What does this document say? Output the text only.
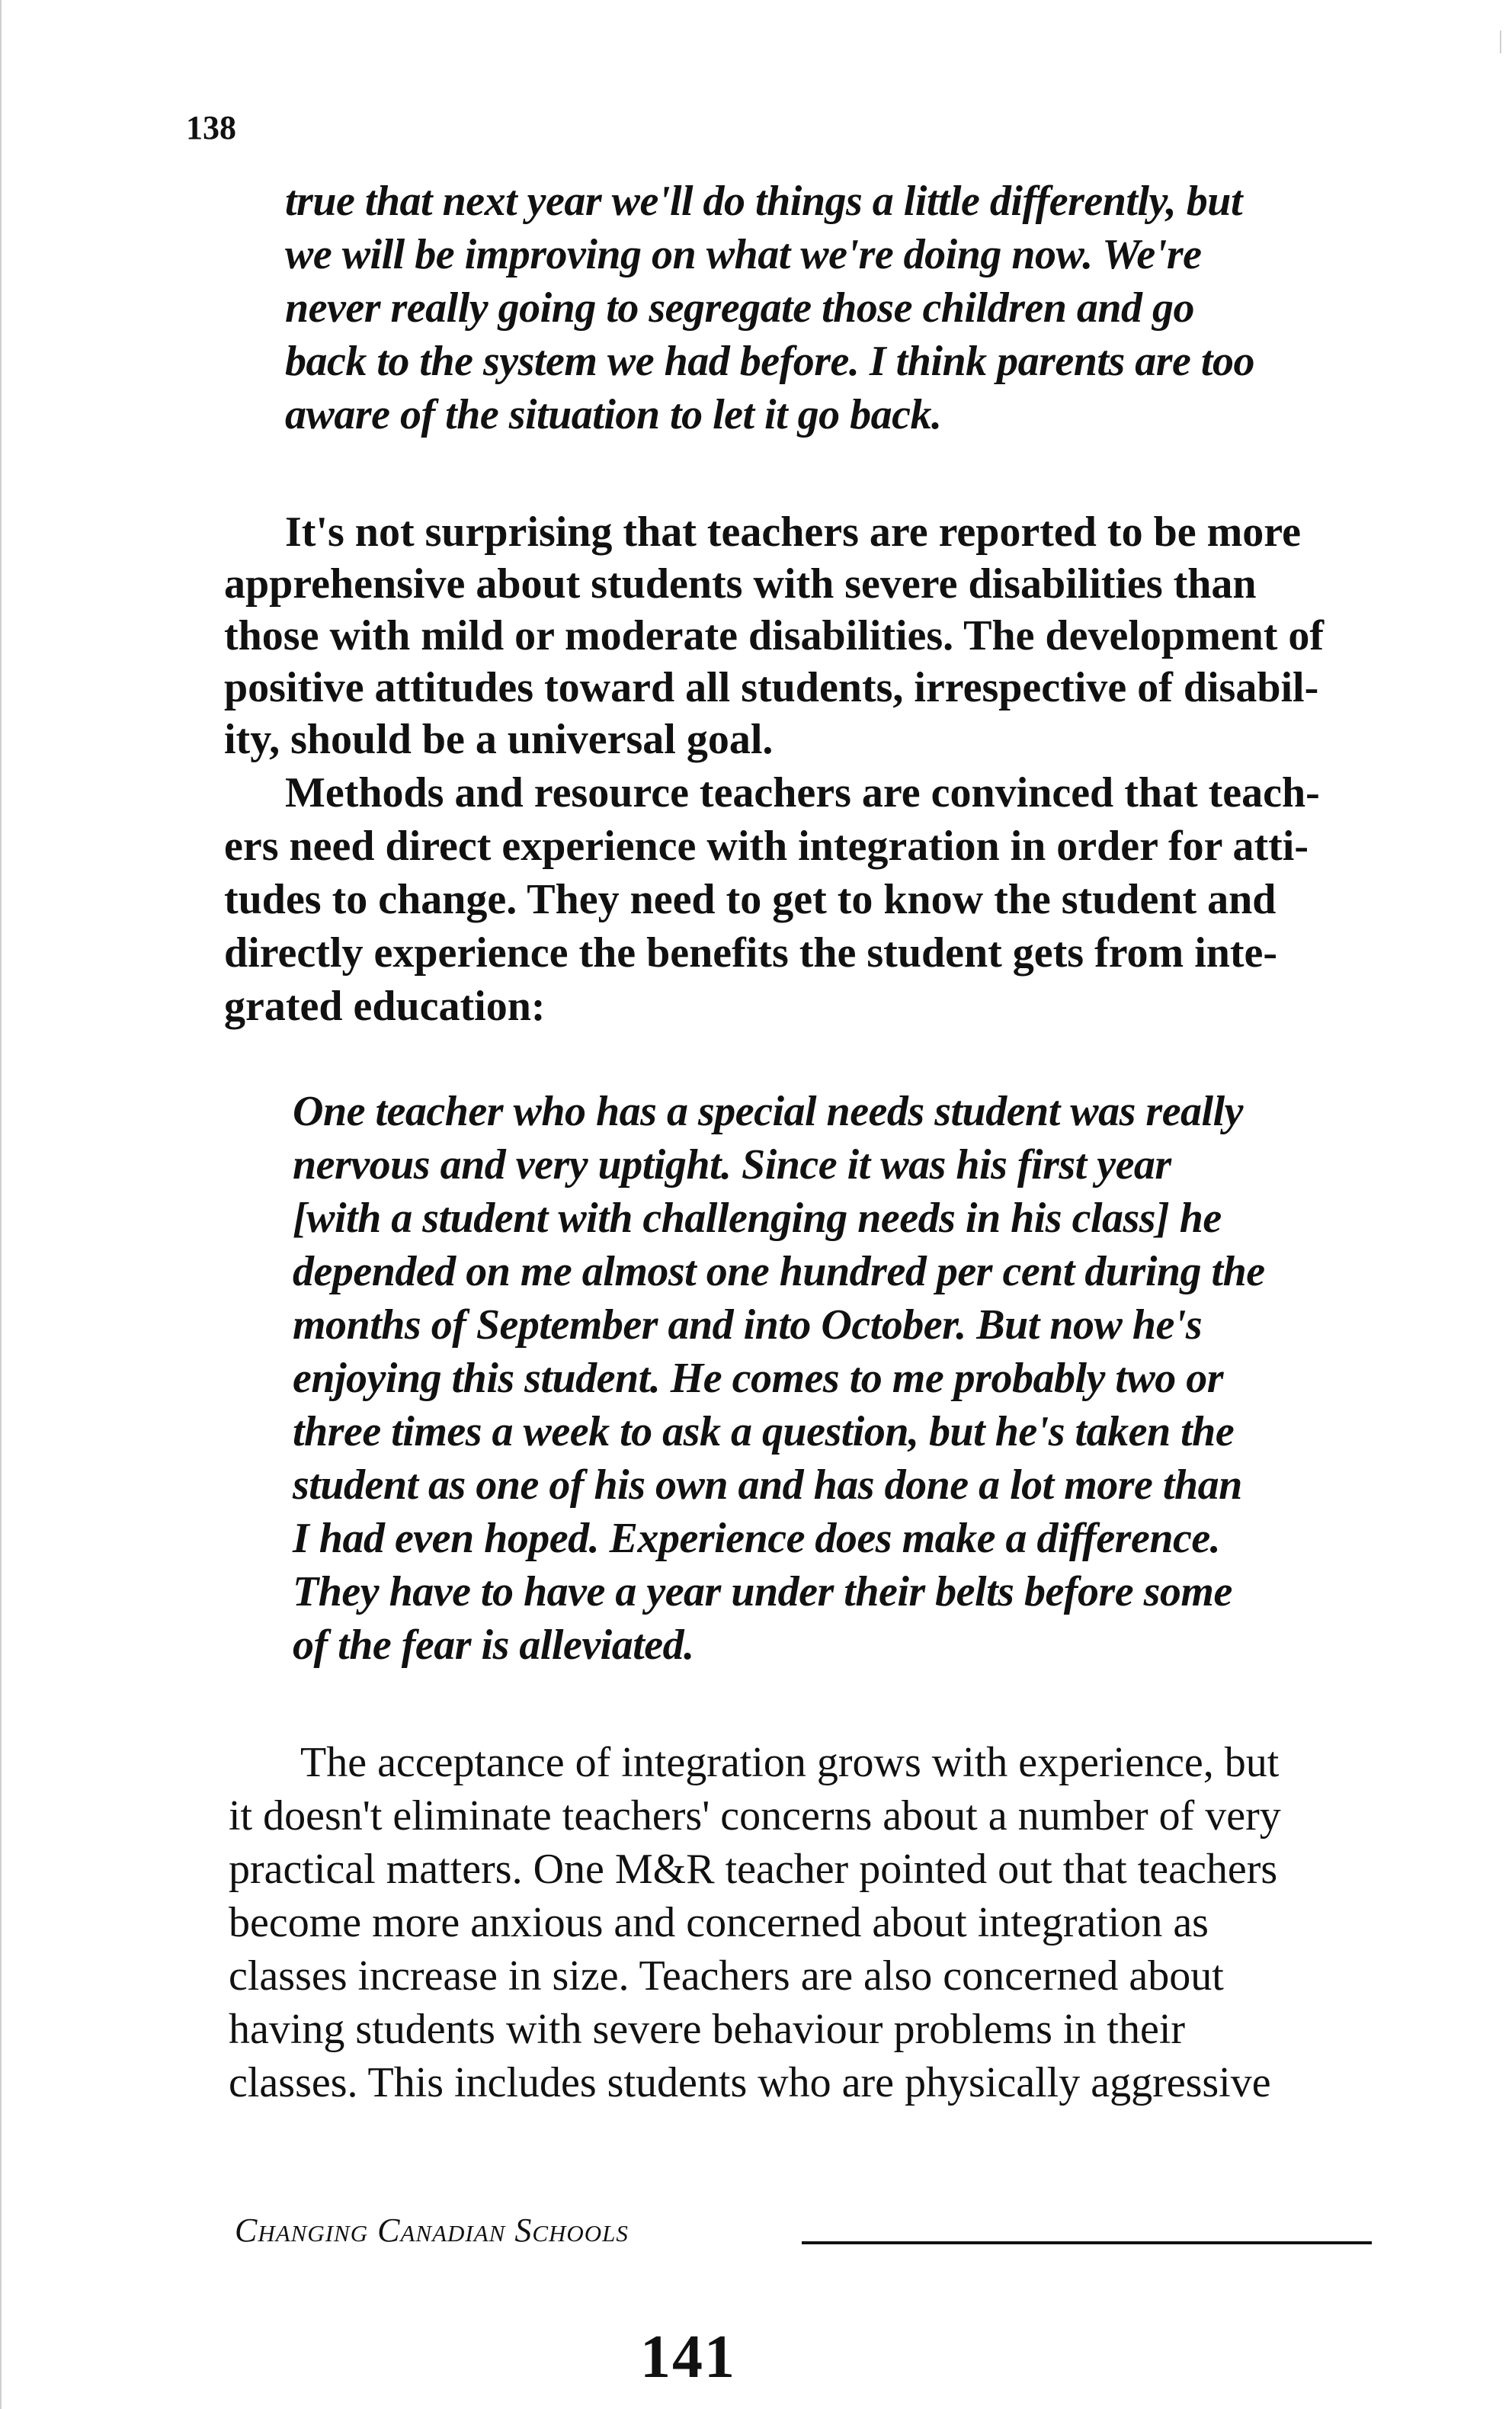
138
true that next year we'll do things a little differently, but
we will be improving on what we're doing now. We're
never really going to segregate those children and go
back to the system we had before. I think parents are too
aware of the situation to let it go back.
It's not surprising that teachers are reported to be more
apprehensive about students with severe disabilities than
those with mild or moderate disabilities. The development of
positive attitudes toward all students, irrespective of disabil-
ity, should be a universal goal.
Methods and resource teachers are convinced that teach-
ers need direct experience with integration in order for atti-
tudes to change. They need to get to know the student and
directly experience the benefits the student gets from inte-
grated education:
One teacher who has a special needs student was really
nervous and very uptight. Since it was his first year
[with a student with challenging needs in his class] he
depended on me almost one hundred per cent during the
months of September and into October. But now he's
enjoying this student. He comes to me probably two or
three times a week to ask a question, but he's taken the
student as one of his own and has done a lot more than
I had even hoped. Experience does make a difference.
They have to have a year under their belts before some
of the fear is alleviated.
The acceptance of integration grows with experience, but
it doesn't eliminate teachers' concerns about a number of very
practical matters. One M&R teacher pointed out that teachers
become more anxious and concerned about integration as
classes increase in size. Teachers are also concerned about
having students with severe behaviour problems in their
classes. This includes students who are physically aggressive
Changing Canadian Schools
141
